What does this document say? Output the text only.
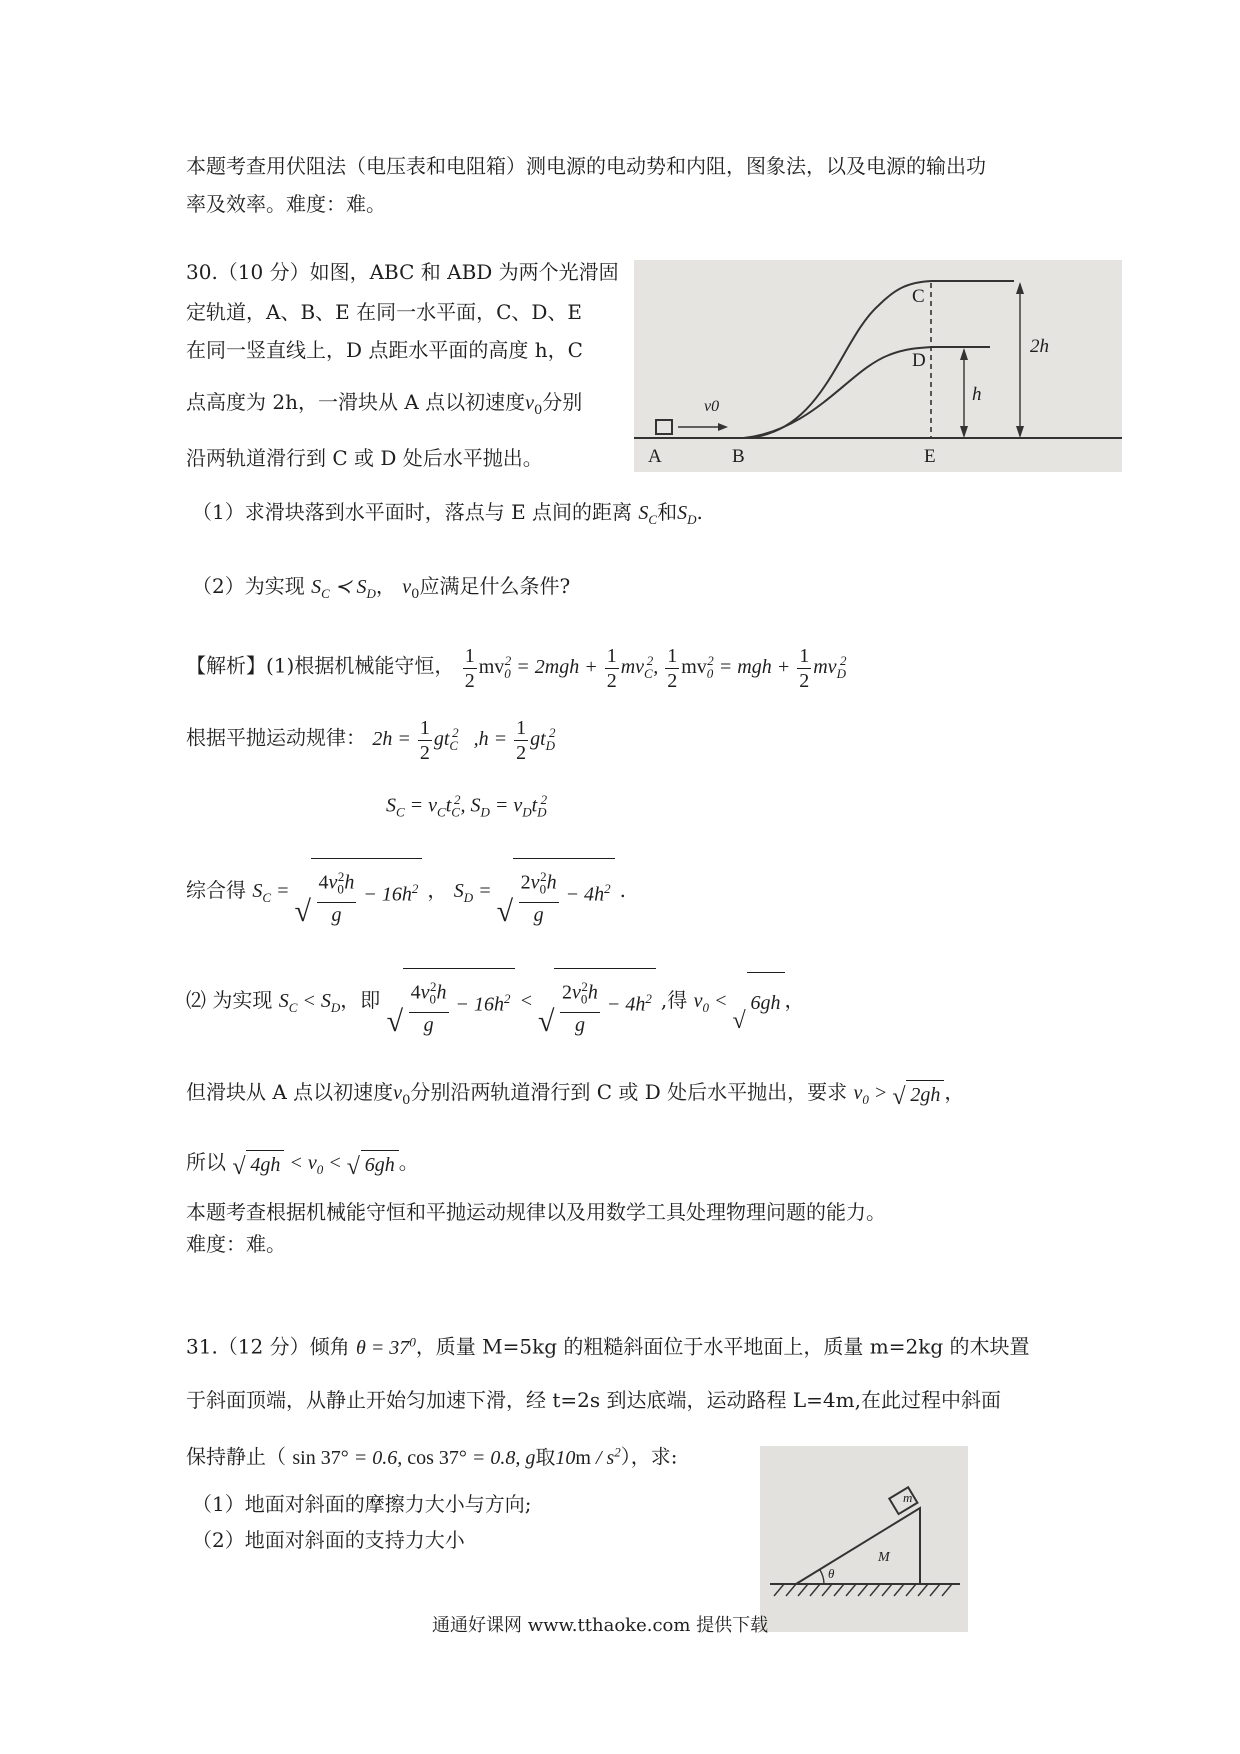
本题考查用伏阻法（电压表和电阻箱）测电源的电动势和内阻，图象法，以及电源的输出功
率及效率。难度：难。
30.（10 分）如图，ABC 和 ABD 为两个光滑固
定轨道，A、B、E 在同一水平面，C、D、E
在同一竖直线上，D 点距水平面的高度 h，C
点高度为 2h，一滑块从 A 点以初速度$v_0$分别
沿两轨道滑行到 C 或 D 处后水平抛出。	A	B	E
C
D
2h
h
v0
（1）求滑块落到水平面时，落点与 E 点间的距离 $S_C$和$S_D$.
（2）为实现 $S_C$ ≺ $S_D$， $v_0$应满足什么条件?
【解析】(1)根据机械能守恒， $\frac{1}{2} mv_0^2 = 2mgh + \frac{1}{2} mv_C^2$, $\frac{1}{2} mv_0^2$ = mgh + $\frac{1}{2} mv_D^2$
根据平抛运动规律： $2h = \frac{1}{2} gt_C^2$   $,h = \frac{1}{2} gt_D^2$
$S_C = v_Ct_C^2$, $S_D = v_Dt_D^2$
综合得 $S_C$ =
√ $\frac{4v_0^2h}{g} - 16h^2$ ， $S_D$ =
√ $\frac{2v_0^2h}{g} - 4h^2$ .
⑵ 为实现 $S_C < S_D$，即
√ $\frac{4v_0^2h}{g} - 16h^2$ <
√ $\frac{2v_0^2h}{g} - 4h^2$ ,得 $v_0$ <
√
6gh ，
但滑块从 A 点以初速度$v_0$分别沿两轨道滑行到 C 或 D 处后水平抛出，要求 $v_0$ > √ 2gh ，
所以 √ $4gh < v_0$ < √ 6gh 。
本题考查根据机械能守恒和平抛运动规律以及用数学工具处理物理问题的能力。
难度：难。
31.（12 分）倾角 $\theta = 37^0$，质量 M=5kg 的粗糙斜面位于水平地面上，质量 m=2kg 的木块置
于斜面顶端，从静止开始匀加速下滑，经 t=2s 到达底端，运动路程 L=4m,在此过程中斜面
保持静止（ sin 37° = 0.6, cos 37° = 0.8, g取$10m / s^2$），求:
（1）地面对斜面的摩擦力大小与方向;
（2）地面对斜面的支持力大小
m
M
θ
通通好课网 www.tthaoke.com 提供下载
